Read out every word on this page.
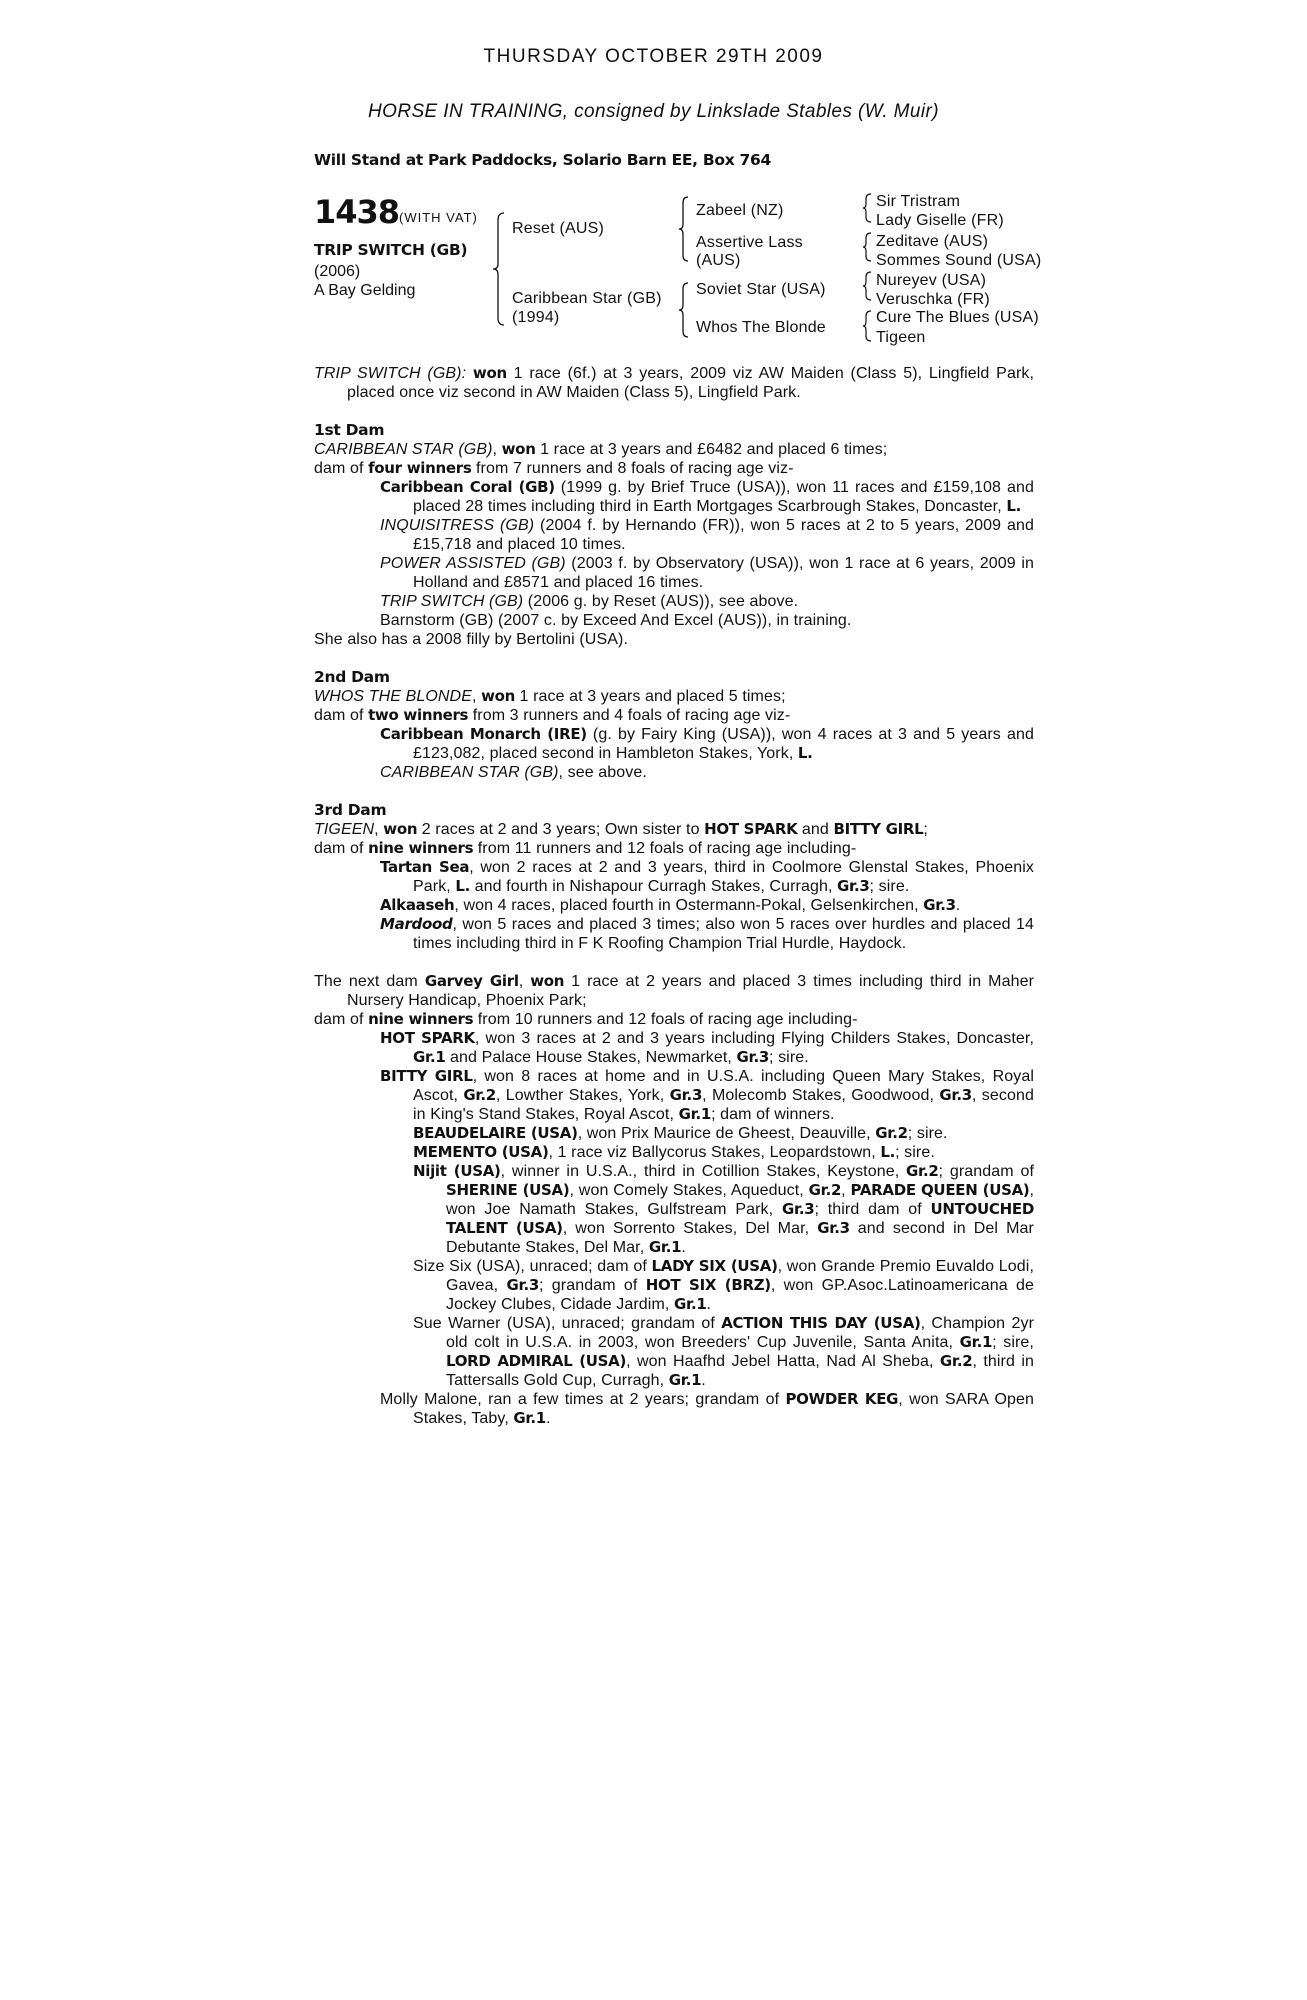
THURSDAY OCTOBER 29TH 2009
HORSE IN TRAINING, consigned by Linkslade Stables (W. Muir)
Will Stand at Park Paddocks, Solario Barn EE, Box 764
1438 (WITH VAT)
TRIP SWITCH (GB)
(2006)
A Bay Gelding
Reset (AUS)
Caribbean Star (GB)
(1994)
Zabeel (NZ)
Assertive Lass
(AUS)
Soviet Star (USA)
Whos The Blonde
Sir Tristram
Lady Giselle (FR)
Zeditave (AUS)
Sommes Sound (USA)
Nureyev (USA)
Veruschka (FR)
Cure The Blues (USA)
Tigeen

TRIP SWITCH (GB): won 1 race (6f.) at 3 years, 2009 viz AW Maiden (Class 5), Lingfield Park, placed once viz second in AW Maiden (Class 5), Lingfield Park.

1st Dam

CARIBBEAN STAR (GB), won 1 race at 3 years and £6482 and placed 6 times;

dam of four winners from 7 runners and 8 foals of racing age viz-

Caribbean Coral (GB) (1999 g. by Brief Truce (USA)), won 11 races and £159,108 and placed 28 times including third in Earth Mortgages Scarbrough Stakes, Doncaster, L.

INQUISITRESS (GB) (2004 f. by Hernando (FR)), won 5 races at 2 to 5 years, 2009 and £15,718 and placed 10 times.

POWER ASSISTED (GB) (2003 f. by Observatory (USA)), won 1 race at 6 years, 2009 in Holland and £8571 and placed 16 times.

TRIP SWITCH (GB) (2006 g. by Reset (AUS)), see above.

Barnstorm (GB) (2007 c. by Exceed And Excel (AUS)), in training.

She also has a 2008 filly by Bertolini (USA).

2nd Dam

WHOS THE BLONDE, won 1 race at 3 years and placed 5 times;

dam of two winners from 3 runners and 4 foals of racing age viz-

Caribbean Monarch (IRE) (g. by Fairy King (USA)), won 4 races at 3 and 5 years and £123,082, placed second in Hambleton Stakes, York, L.

CARIBBEAN STAR (GB), see above.

3rd Dam

TIGEEN, won 2 races at 2 and 3 years; Own sister to HOT SPARK and BITTY GIRL;

dam of nine winners from 11 runners and 12 foals of racing age including-

Tartan Sea, won 2 races at 2 and 3 years, third in Coolmore Glenstal Stakes, Phoenix Park, L. and fourth in Nishapour Curragh Stakes, Curragh, Gr.3; sire.

Alkaaseh, won 4 races, placed fourth in Ostermann-Pokal, Gelsenkirchen, Gr.3.

Mardood, won 5 races and placed 3 times; also won 5 races over hurdles and placed 14 times including third in F K Roofing Champion Trial Hurdle, Haydock.

The next dam Garvey Girl, won 1 race at 2 years and placed 3 times including third in Maher Nursery Handicap, Phoenix Park;

dam of nine winners from 10 runners and 12 foals of racing age including-

HOT SPARK, won 3 races at 2 and 3 years including Flying Childers Stakes, Doncaster, Gr.1 and Palace House Stakes, Newmarket, Gr.3; sire.

BITTY GIRL, won 8 races at home and in U.S.A. including Queen Mary Stakes, Royal Ascot, Gr.2, Lowther Stakes, York, Gr.3, Molecomb Stakes, Goodwood, Gr.3, second in King's Stand Stakes, Royal Ascot, Gr.1; dam of winners.

BEAUDELAIRE (USA), won Prix Maurice de Gheest, Deauville, Gr.2; sire.

MEMENTO (USA), 1 race viz Ballycorus Stakes, Leopardstown, L.; sire.

Nijit (USA), winner in U.S.A., third in Cotillion Stakes, Keystone, Gr.2; grandam of SHERINE (USA), won Comely Stakes, Aqueduct, Gr.2, PARADE QUEEN (USA), won Joe Namath Stakes, Gulfstream Park, Gr.3; third dam of UNTOUCHED TALENT (USA), won Sorrento Stakes, Del Mar, Gr.3 and second in Del Mar Debutante Stakes, Del Mar, Gr.1.

Size Six (USA), unraced; dam of LADY SIX (USA), won Grande Premio Euvaldo Lodi, Gavea, Gr.3; grandam of HOT SIX (BRZ), won GP.Asoc.Latinoamericana de Jockey Clubes, Cidade Jardim, Gr.1.

Sue Warner (USA), unraced; grandam of ACTION THIS DAY (USA), Champion 2yr old colt in U.S.A. in 2003, won Breeders' Cup Juvenile, Santa Anita, Gr.1; sire, LORD ADMIRAL (USA), won Haafhd Jebel Hatta, Nad Al Sheba, Gr.2, third in Tattersalls Gold Cup, Curragh, Gr.1.

Molly Malone, ran a few times at 2 years; grandam of POWDER KEG, won SARA Open Stakes, Taby, Gr.1.
